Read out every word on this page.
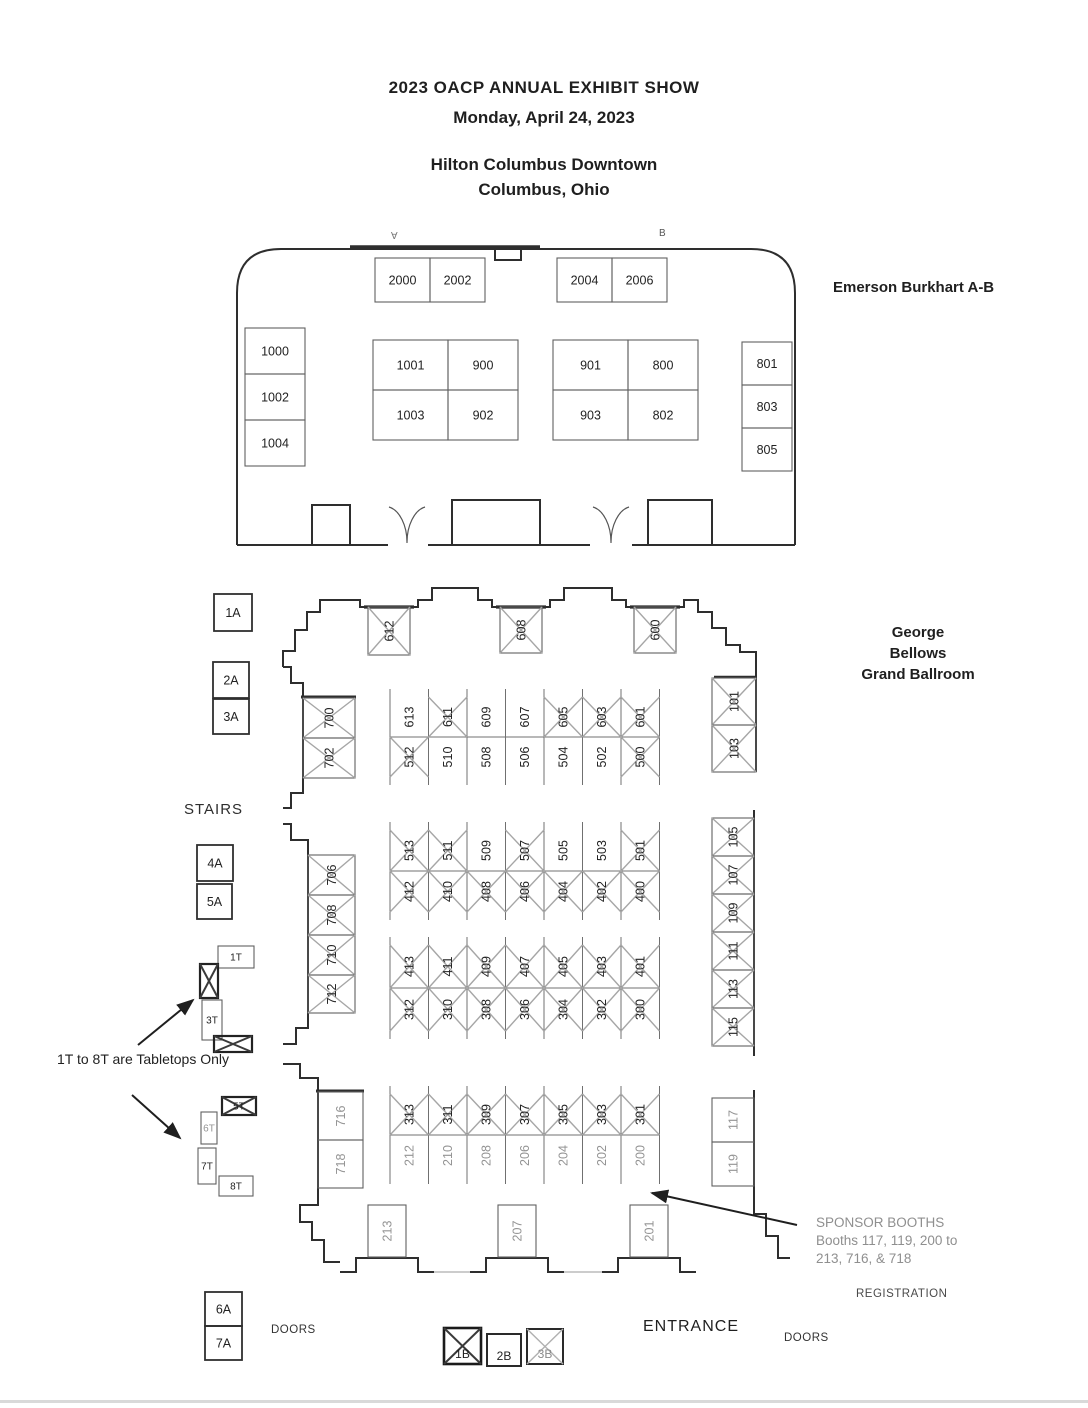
2000 2002	2004 2006
1000
1002
1004
1001	900
1003	902
901	800
903	802
801
803
805
612	608	600
700
702
706
708
710
712
716
718
613 611 609 607 605 603 601
512 510 508 506 504 502 500
513 511 509 507 505 503 501
412 410 408 406 404 402 400
413 411 409 407 405 403 401
312 310 308 306 304 302 300
313 311 309 307 305 303 301
212 210 208 206 204 202 200
101
103
105
107
109
111
113
115
117
119
213	207	201
1T
3T
5T
6T
7T
8T
1A
2A
3A
4A
5A
6A
7A
1B 2B 3B
2023 OACP ANNUAL EXHIBIT SHOW
Monday, April 24, 2023
Hilton Columbus Downtown
Columbus, Ohio
Emerson Burkhart A-B
George
Bellows
Grand Ballroom
A	B
STAIRS
1T to 8T are Tabletops Only
SPONSOR BOOTHS
Booths 117, 119, 200 to
213, 716, & 718
REGISTRATION
DOORS	ENTRANCE
DOORS
